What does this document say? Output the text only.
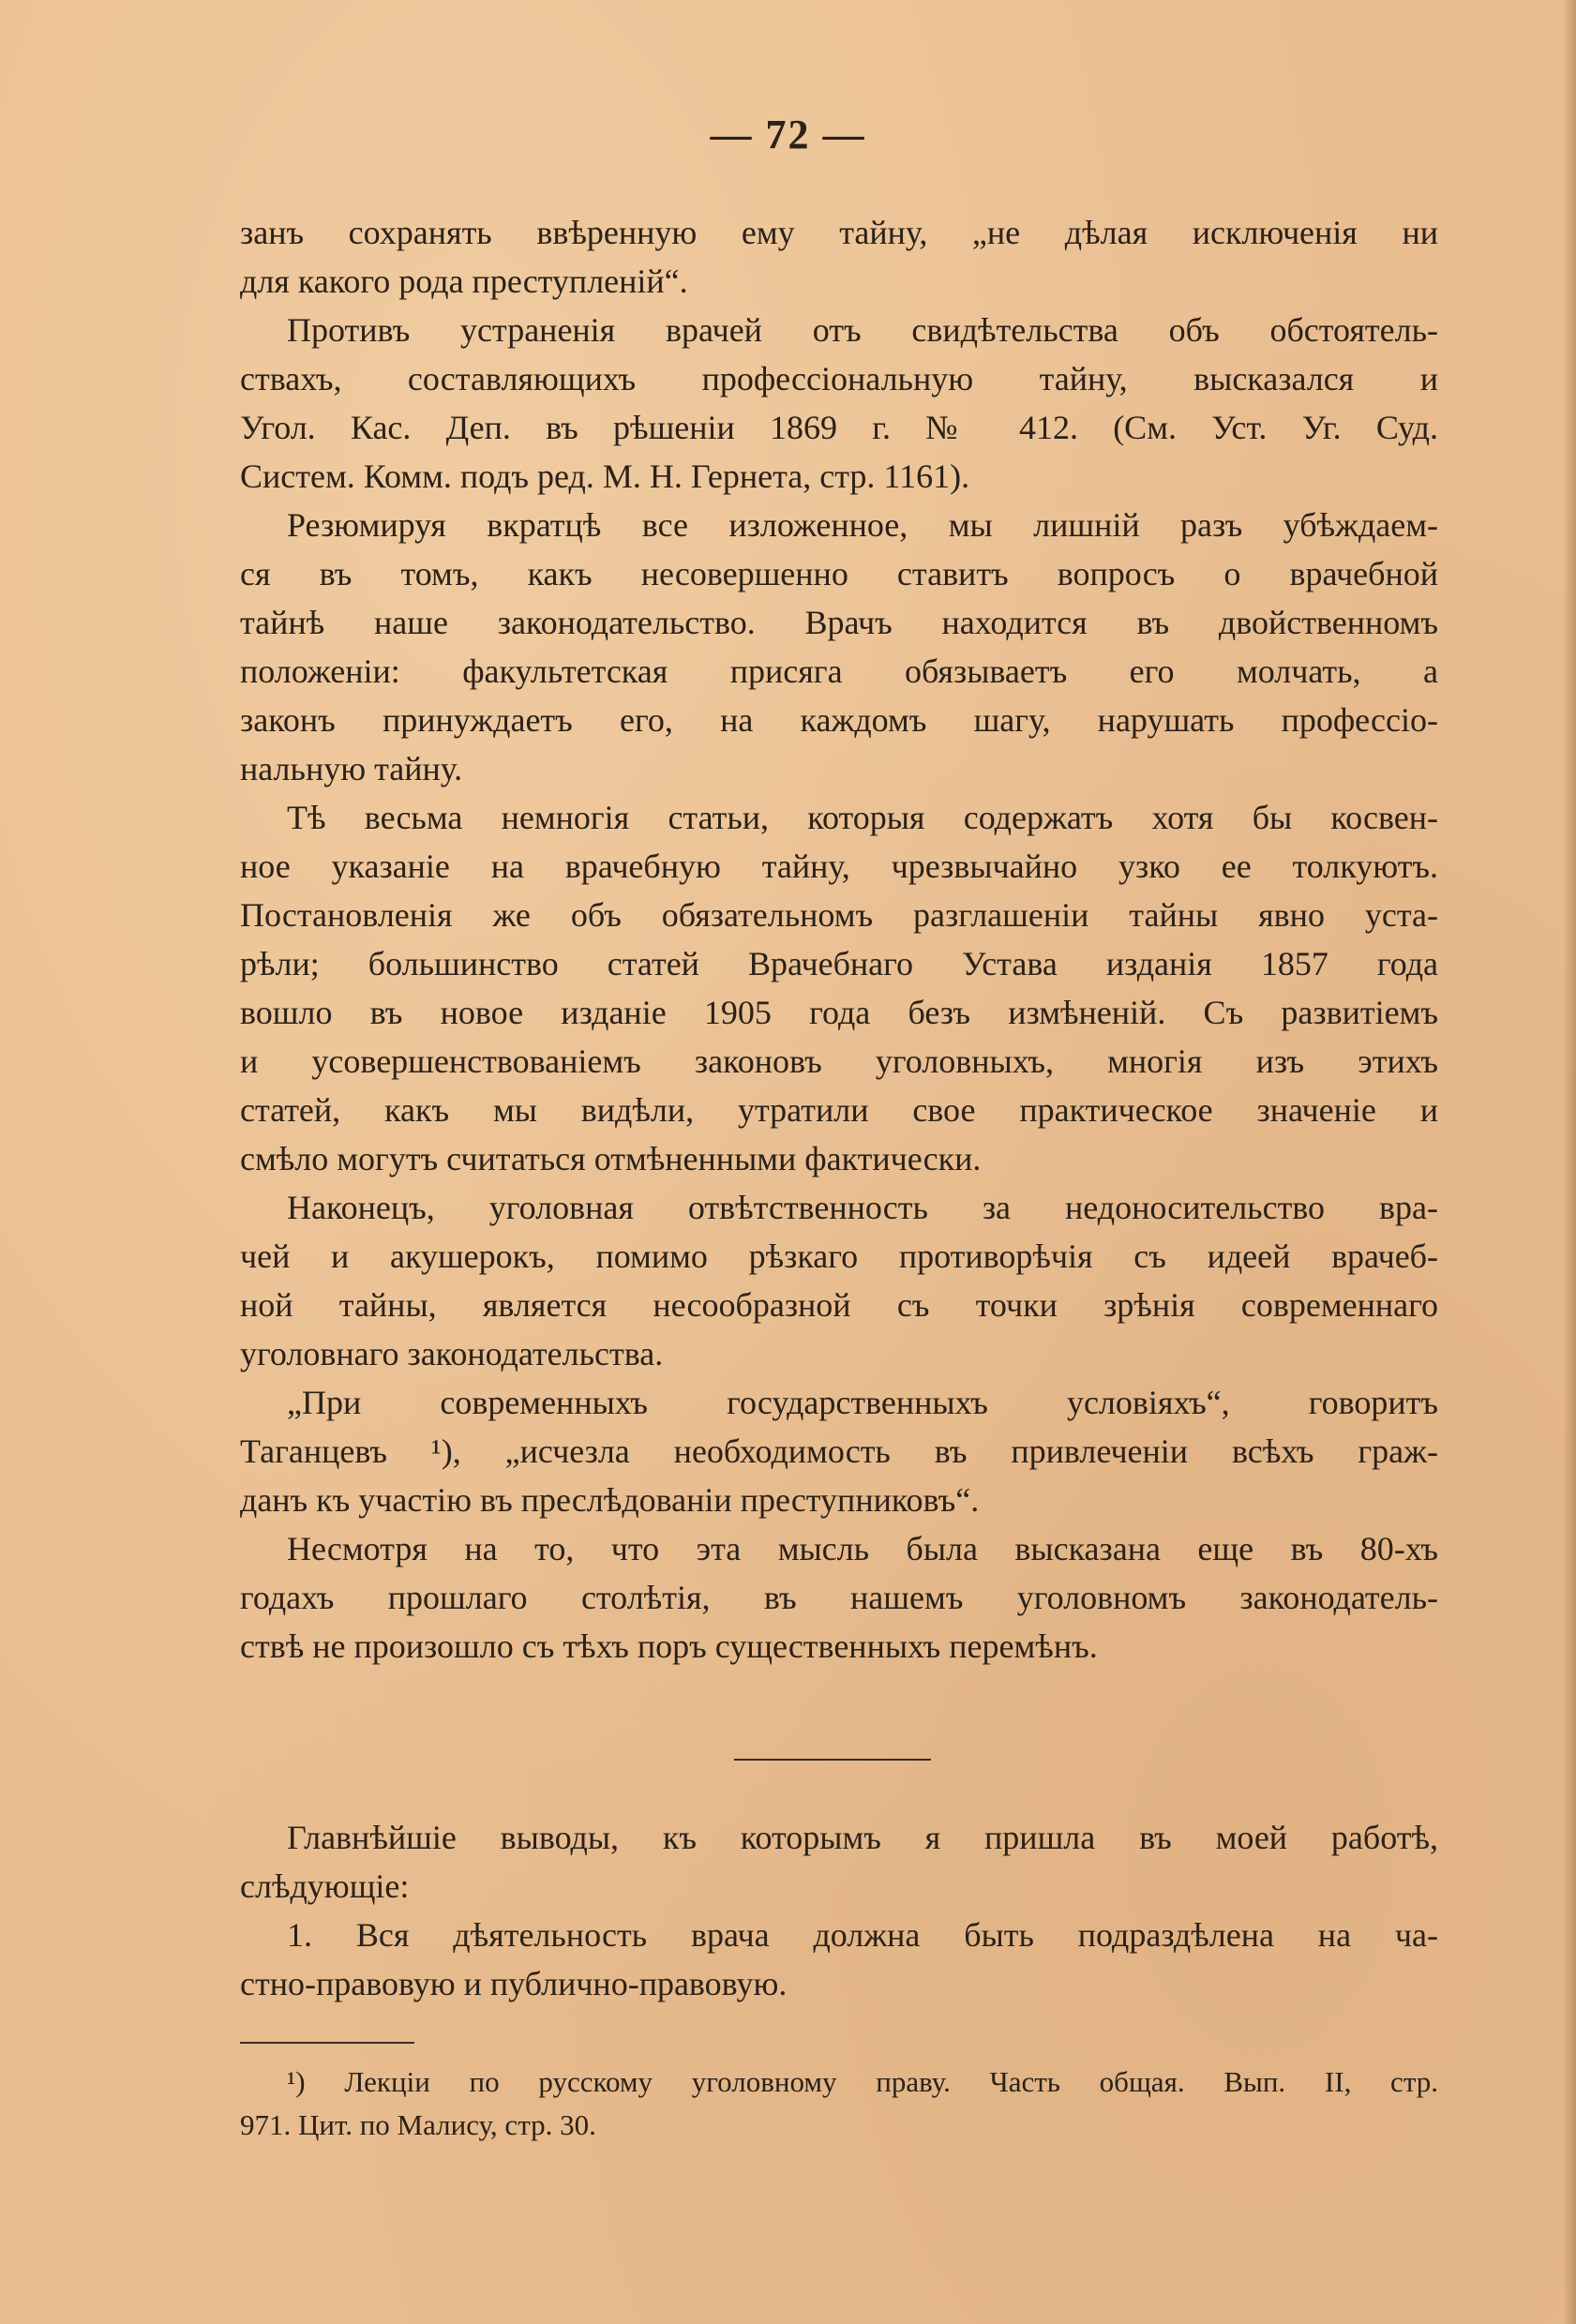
— 72 —
занъ сохранять ввѣренную ему тайну, „не дѣлая исключенія ни
для какого рода преступленій“.
Противъ устраненія врачей отъ свидѣтельства объ обстоятель-
ствахъ, составляющихъ профессіональную тайну, высказался и
Угол. Кас. Деп. въ рѣшеніи 1869 г. № 412. (См. Уст. Уг. Суд.
Систем. Комм. подъ ред. М. Н. Гернета, стр. 1161).
Резюмируя вкратцѣ все изложенное, мы лишній разъ убѣждаем-
ся въ томъ, какъ несовершенно ставитъ вопросъ о врачебной
тайнѣ наше законодательство. Врачъ находится въ двойственномъ
положеніи: факультетская присяга обязываетъ его молчать, а
законъ принуждаетъ его, на каждомъ шагу, нарушать професcіо-
нальную тайну.
Тѣ весьма немногія статьи, которыя содержатъ хотя бы косвен-
ное указаніе на врачебную тайну, чрезвычайно узко ее толкуютъ.
Постановленія же объ обязательномъ разглашеніи тайны явно уста-
рѣли; большинство статей Врачебнаго Устава изданія 1857 года
вошло въ новое изданіе 1905 года безъ измѣненій. Съ развитіемъ
и усовершенствованіемъ законовъ уголовныхъ, многія изъ этихъ
статей, какъ мы видѣли, утратили свое практическое значеніе и
смѣло могутъ считаться отмѣненными фактически.
Наконецъ, уголовная отвѣтственность за недоносительство вра-
чей и акушерокъ, помимо рѣзкаго противорѣчія съ идеей врачеб-
ной тайны, является несообразной съ точки зрѣнія современнаго
уголовнаго законодательства.
„При современныхъ государственныхъ условіяхъ“, говоритъ
Таганцевъ ¹), „исчезла необходимость въ привлеченіи всѣхъ граж-
данъ къ участію въ преслѣдованіи преступниковъ“.
Несмотря на то, что эта мысль была высказана еще въ 80-хъ
годахъ прошлаго столѣтія, въ нашемъ уголовномъ законодатель-
ствѣ не произошло съ тѣхъ поръ существенныхъ перемѣнъ.
Главнѣйшіе выводы, къ которымъ я пришла въ моей работѣ,
слѣдующіе:
1. Вся дѣятельность врача должна быть подраздѣлена на ча-
стно-правовую и публично-правовую.
¹) Лекціи по русскому уголовному праву. Часть общая. Вып. II, стр.
971. Цит. по Малису, стр. 30.
